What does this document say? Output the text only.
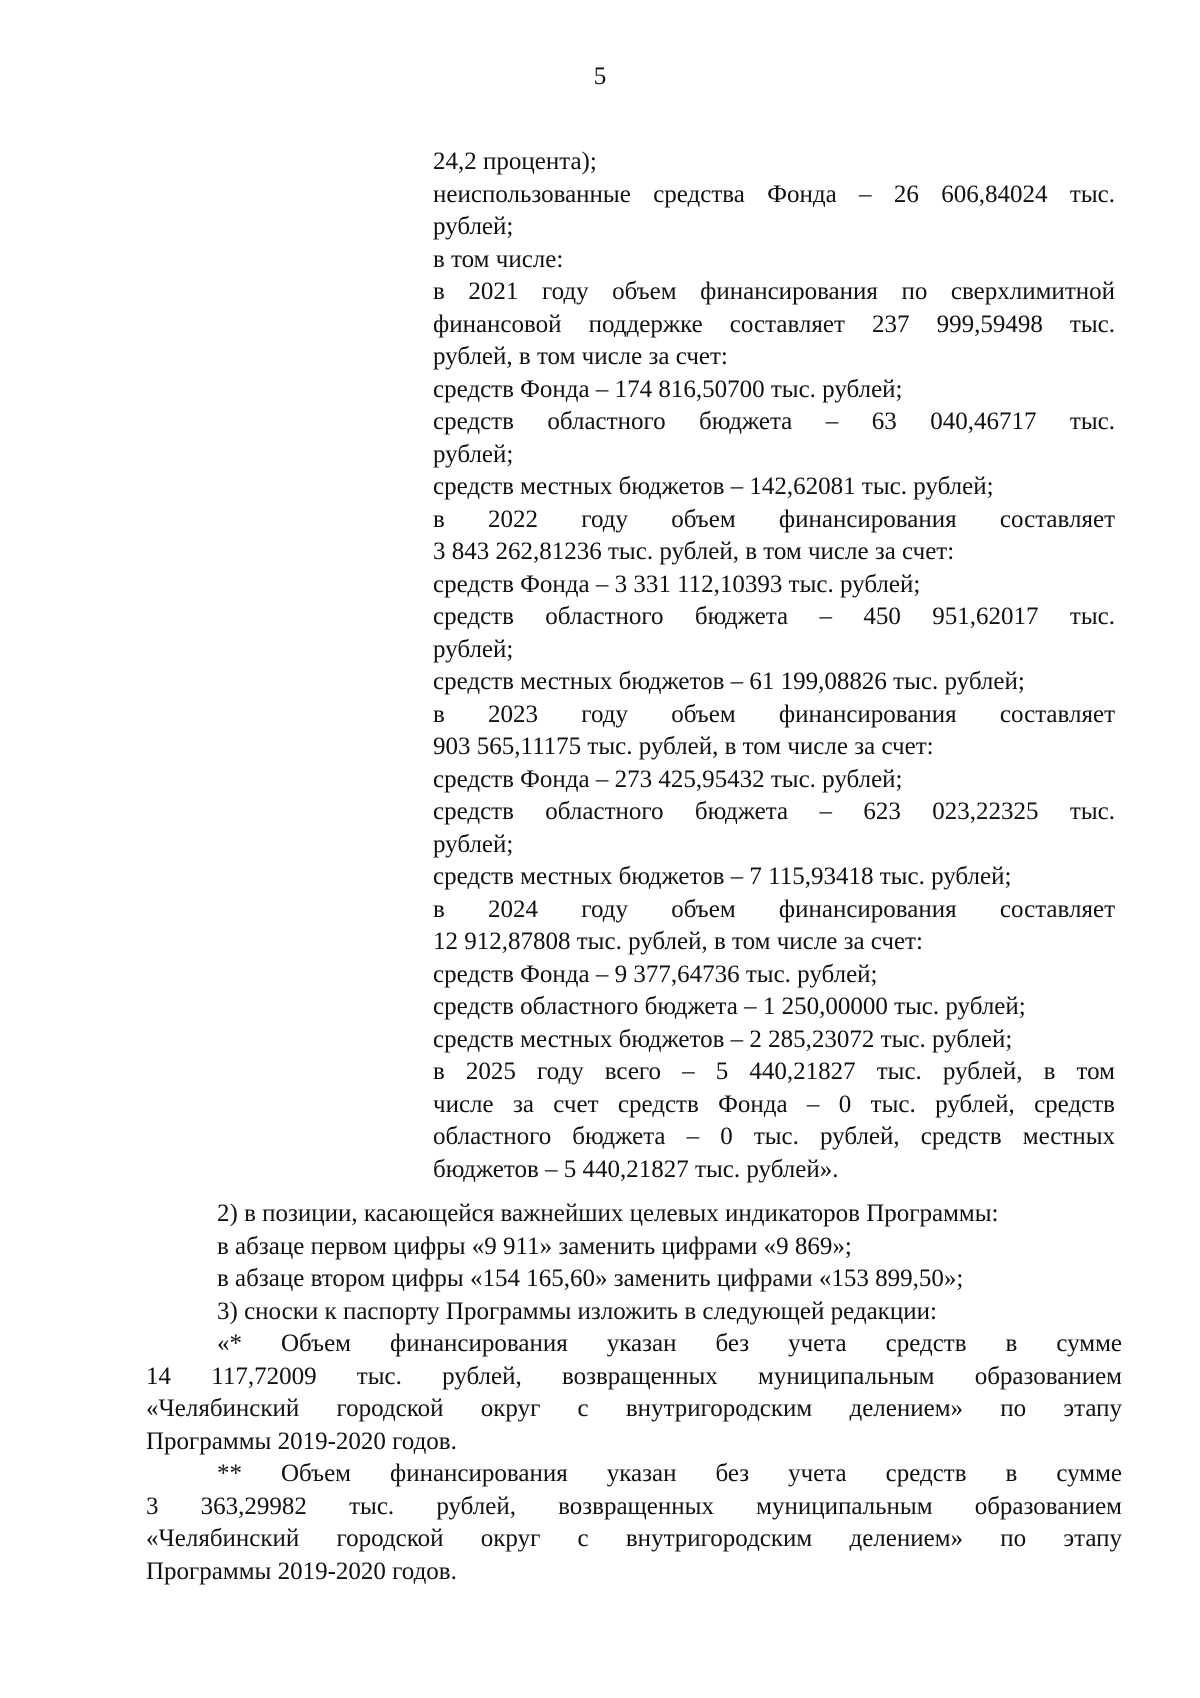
5
24,2 процента);
неиспользованные средства Фонда – 26 606,84024 тыс.
рублей;
в том числе:
в 2021 году объем финансирования по сверхлимитной
финансовой поддержке составляет 237 999,59498 тыс.
рублей, в том числе за счет:
средств Фонда – 174 816,50700 тыс. рублей;
средств областного бюджета – 63 040,46717 тыс.
рублей;
средств местных бюджетов – 142,62081 тыс. рублей;
в 2022 году объем финансирования составляет
3 843 262,81236 тыс. рублей, в том числе за счет:
средств Фонда – 3 331 112,10393 тыс. рублей;
средств областного бюджета – 450 951,62017 тыс.
рублей;
средств местных бюджетов – 61 199,08826 тыс. рублей;
в 2023 году объем финансирования составляет
903 565,11175 тыс. рублей, в том числе за счет:
средств Фонда – 273 425,95432 тыс. рублей;
средств областного бюджета – 623 023,22325 тыс.
рублей;
средств местных бюджетов – 7 115,93418 тыс. рублей;
в 2024 году объем финансирования составляет
12 912,87808 тыс. рублей, в том числе за счет:
средств Фонда – 9 377,64736 тыс. рублей;
средств областного бюджета – 1 250,00000 тыс. рублей;
средств местных бюджетов – 2 285,23072 тыс. рублей;
в 2025 году всего – 5 440,21827 тыс. рублей, в том
числе за счет средств Фонда – 0 тыс. рублей, средств
областного бюджета – 0 тыс. рублей, средств местных
бюджетов – 5 440,21827 тыс. рублей».
2) в позиции, касающейся важнейших целевых индикаторов Программы:
в абзаце первом цифры «9 911» заменить цифрами «9 869»;
в абзаце втором цифры «154 165,60» заменить цифрами «153 899,50»;
3) сноски к паспорту Программы изложить в следующей редакции:
«* Объем финансирования указан без учета средств в сумме
14 117,72009 тыс. рублей, возвращенных муниципальным образованием
«Челябинский городской округ с внутригородским делением» по этапу
Программы 2019-2020 годов.
** Объем финансирования указан без учета средств в сумме
3 363,29982 тыс. рублей, возвращенных муниципальным образованием
«Челябинский городской округ с внутригородским делением» по этапу
Программы 2019-2020 годов.
